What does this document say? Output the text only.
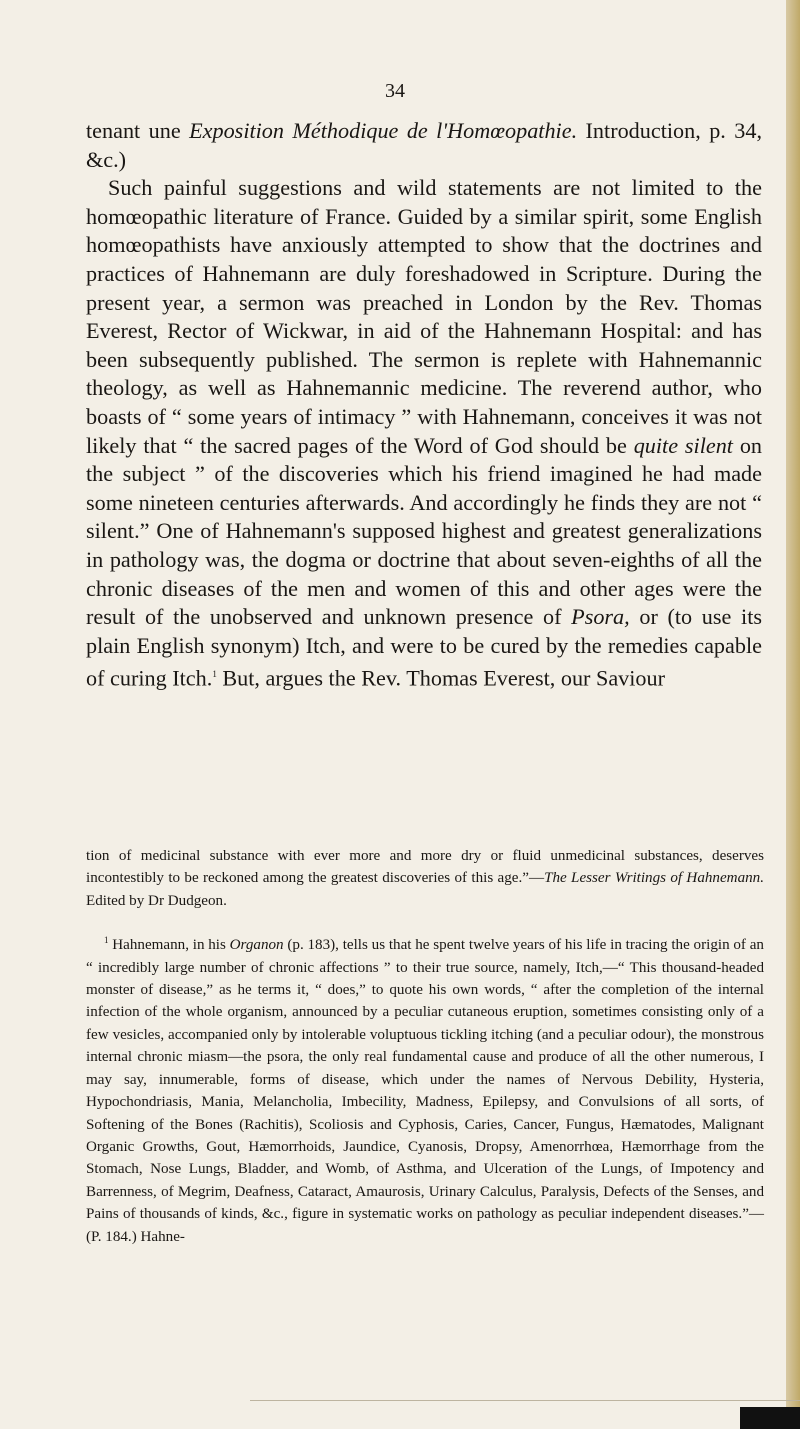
34

tenant une Exposition Méthodique de l'Homœopathie. Introduction, p. 34, &c.)

Such painful suggestions and wild statements are not limited to the homœopathic literature of France. Guided by a similar spirit, some English homœopathists have anxiously attempted to show that the doctrines and practices of Hahnemann are duly foreshadowed in Scripture. During the present year, a sermon was preached in London by the Rev. Thomas Everest, Rector of Wickwar, in aid of the Hahnemann Hospital: and has been subsequently published. The sermon is replete with Hahnemannic theology, as well as Hahnemannic medicine. The reverend author, who boasts of “ some years of intimacy ” with Hahnemann, conceives it was not likely that “ the sacred pages of the Word of God should be quite silent on the subject ” of the discoveries which his friend imagined he had made some nineteen centuries afterwards. And accordingly he finds they are not “ silent.” One of Hahnemann's supposed highest and greatest generalizations in pathology was, the dogma or doctrine that about seven-eighths of all the chronic diseases of the men and women of this and other ages were the result of the unobserved and unknown presence of Psora, or (to use its plain English synonym) Itch, and were to be cured by the remedies capable of curing Itch.$^1$ But, argues the Rev. Thomas Everest, our Saviour

tion of medicinal substance with ever more and more dry or fluid unmedicinal substances, deserves incontestibly to be reckoned among the greatest discoveries of this age.”—The Lesser Writings of Hahnemann. Edited by Dr Dudgeon.

$^1$ Hahnemann, in his Organon (p. 183), tells us that he spent twelve years of his life in tracing the origin of an “ incredibly large number of chronic affections ” to their true source, namely, Itch,—“ This thousand-headed monster of disease,” as he terms it, “ does,” to quote his own words, “ after the completion of the internal infection of the whole organism, announced by a peculiar cutaneous eruption, sometimes consisting only of a few vesicles, accompanied only by intolerable voluptuous tickling itching (and a peculiar odour), the monstrous internal chronic miasm—the psora, the only real fundamental cause and produce of all the other numerous, I may say, innumerable, forms of disease, which under the names of Nervous Debility, Hysteria, Hypochondriasis, Mania, Melancholia, Imbecility, Madness, Epilepsy, and Convulsions of all sorts, of Softening of the Bones (Rachitis), Scoliosis and Cyphosis, Caries, Cancer, Fungus, Hæmatodes, Malignant Organic Growths, Gout, Hæmorrhoids, Jaundice, Cyanosis, Dropsy, Amenorrhœa, Hæmorrhage from the Stomach, Nose Lungs, Bladder, and Womb, of Asthma, and Ulceration of the Lungs, of Impotency and Barrenness, of Megrim, Deafness, Cataract, Amaurosis, Urinary Calculus, Paralysis, Defects of the Senses, and Pains of thousands of kinds, &c., figure in systematic works on pathology as peculiar independent diseases.”—(P. 184.) Hahne-
